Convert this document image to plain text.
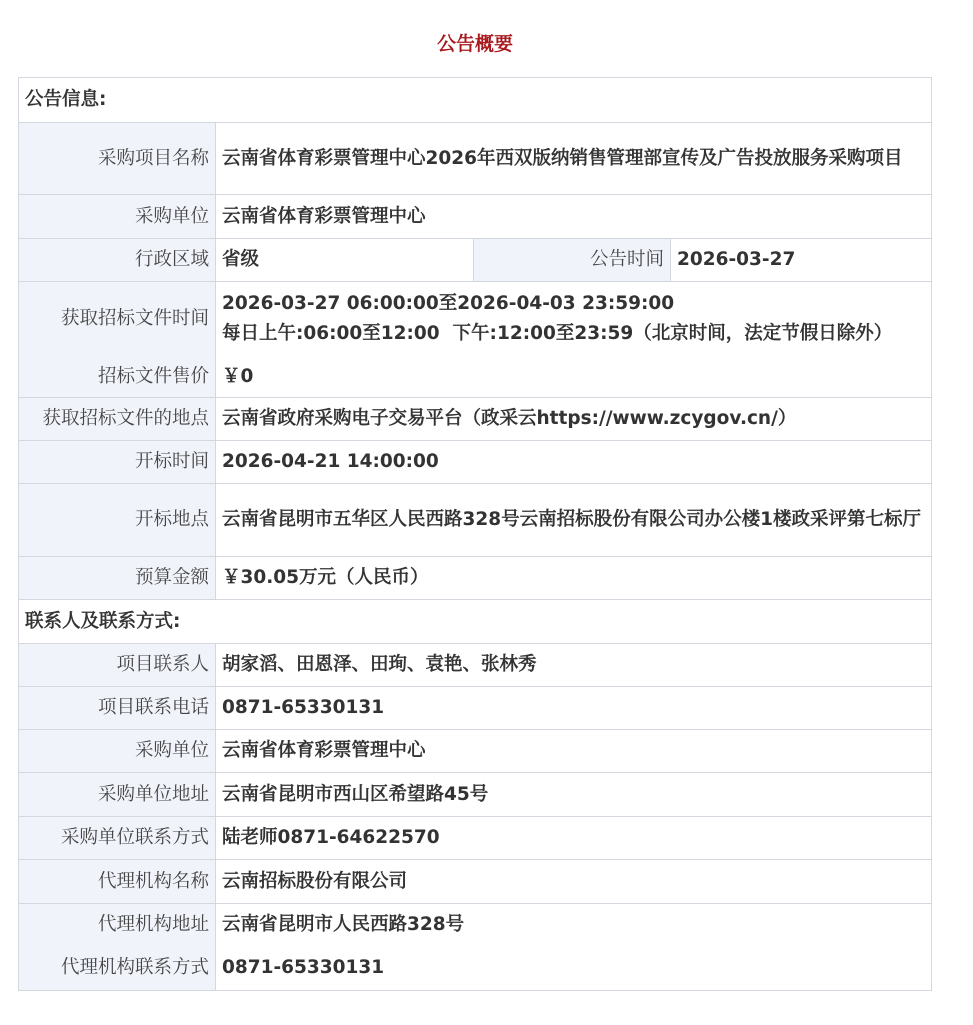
公告概要
公告信息:			
采购项目名称	云南省体育彩票管理中心2026年西双版纳销售管理部宣传及广告投放服务采购项目		
采购单位	云南省体育彩票管理中心		
行政区域	省级	公告时间	2026-03-27
获取招标文件时间	2026-03-27 06:00:00至2026-04-03 23:59:00
每日上午:06:00至12:00  下午:12:00至23:59（北京时间，法定节假日除外）		

招标文件售价	￥0		
获取招标文件的地点	云南省政府采购电子交易平台（政采云https://www.zcygov.cn/）		
开标时间	2026-04-21 14:00:00		
开标地点	云南省昆明市五华区人民西路328号云南招标股份有限公司办公楼1楼政采评第七标厅		
预算金额	￥30.05万元（人民币）		
联系人及联系方式:			
项目联系人	胡家滔、田恩泽、田珣、袁艳、张林秀		
项目联系电话	0871-65330131		
采购单位	云南省体育彩票管理中心		
采购单位地址	云南省昆明市西山区希望路45号		
采购单位联系方式	陆老师0871-64622570		
代理机构名称	云南招标股份有限公司		
代理机构地址	云南省昆明市人民西路328号		
代理机构联系方式	0871-65330131		
